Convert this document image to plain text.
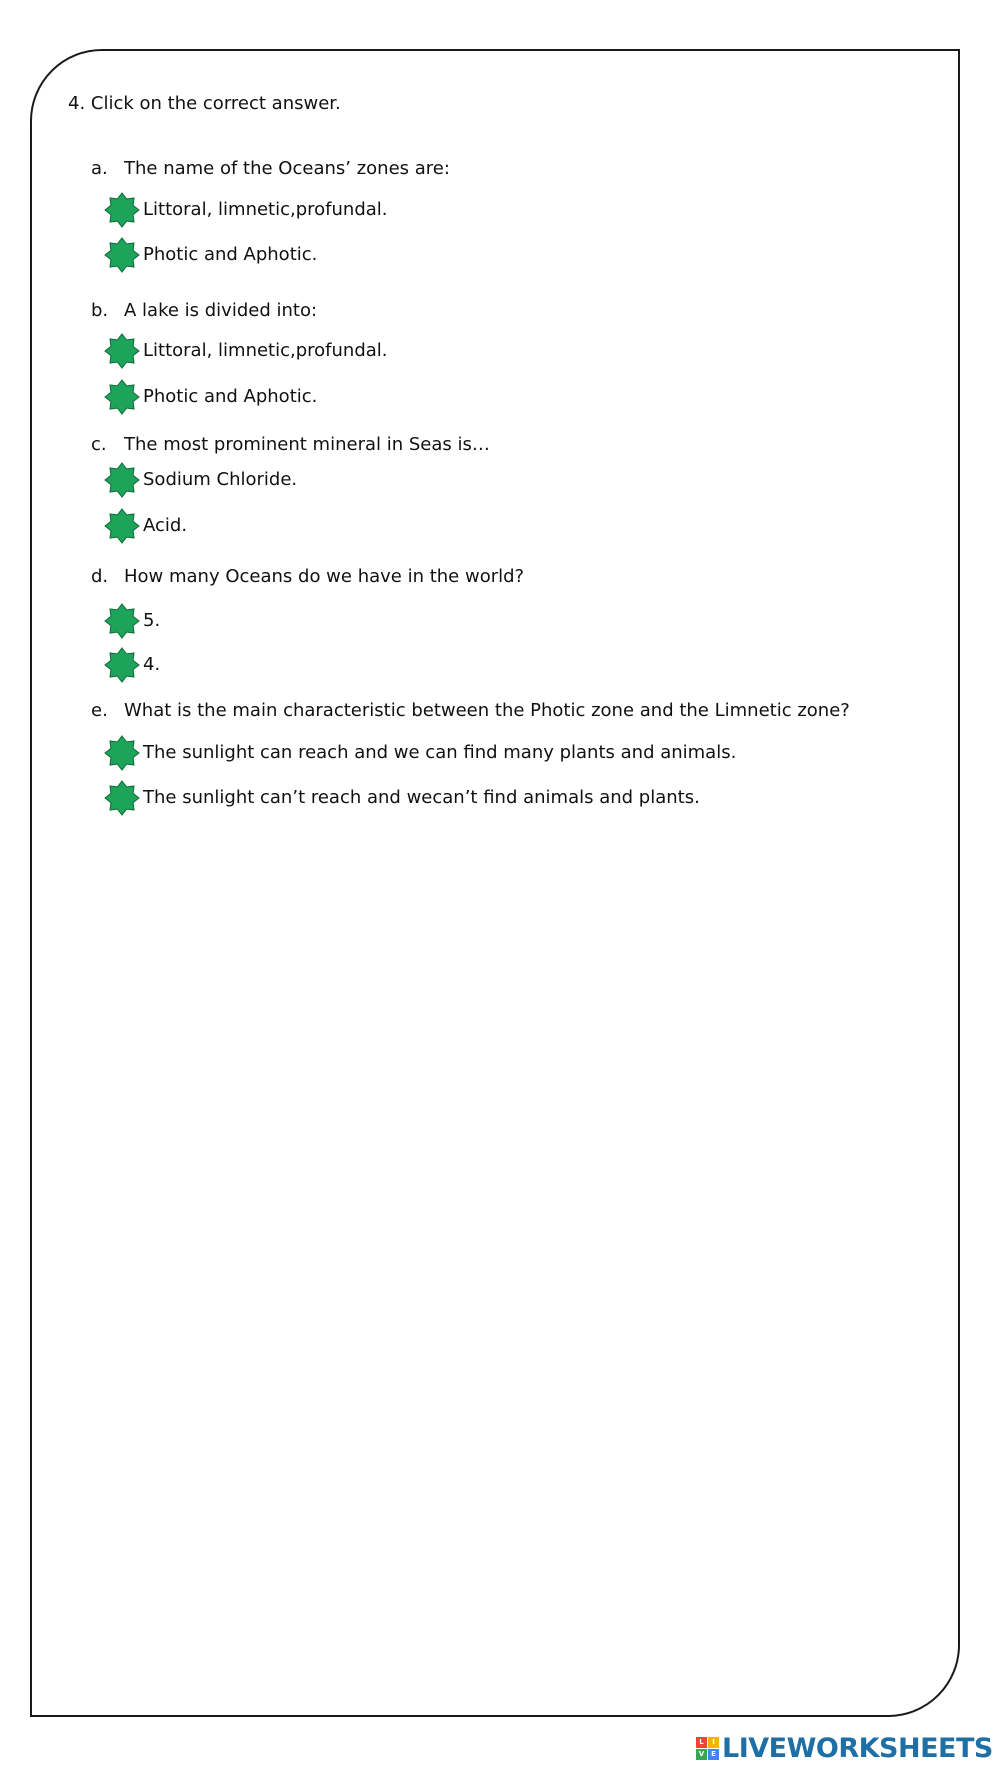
4. Click on the correct answer.
a. The name of the Oceans’ zones are:
Littoral, limnetic,profundal.
Photic and Aphotic.
b. A lake is divided into:
Littoral, limnetic,profundal.
Photic and Aphotic.
c. The most prominent mineral in Seas is…
Sodium Chloride.
Acid.
d. How many Oceans do we have in the world?
5.
4.
e. What is the main characteristic between the Photic zone and the Limnetic zone?
The sunlight can reach and we can find many plants and animals.
The sunlight can’t reach and wecan’t find animals and plants.
L	I
V E LIVEWORKSHEETS
